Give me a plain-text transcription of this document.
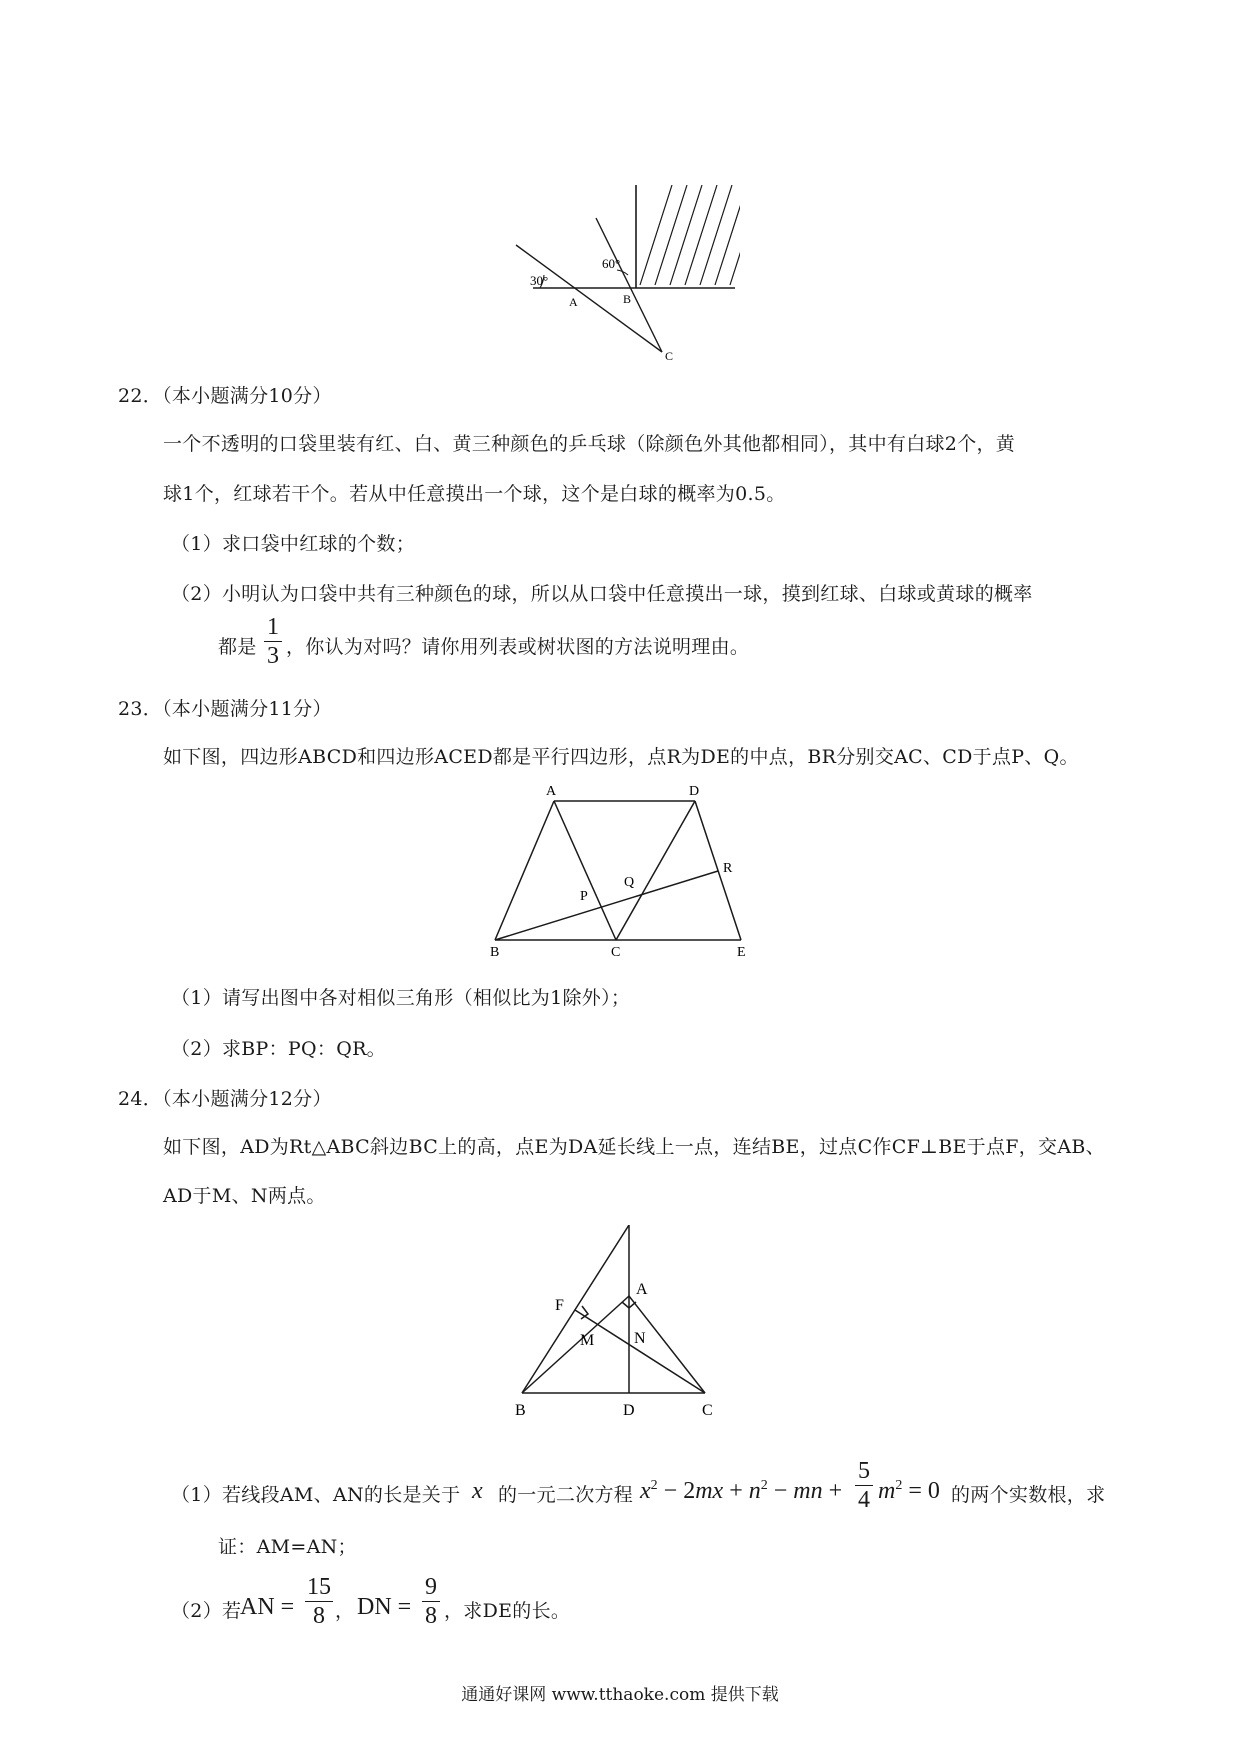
30°
60°
A	B
C
22．（本小题满分10分）
一个不透明的口袋里装有红、白、黄三种颜色的乒乓球（除颜色外其他都相同），其中有白球2个，黄
球1个，红球若干个。若从中任意摸出一个球，这个是白球的概率为0.5。
（1）求口袋中红球的个数；
（2）小明认为口袋中共有三种颜色的球，所以从口袋中任意摸出一球，摸到红球、白球或黄球的概率
都是
1
3 ，你认为对吗？请你用列表或树状图的方法说明理由。
23．（本小题满分11分）
如下图，四边形ABCD和四边形ACED都是平行四边形，点R为DE的中点，BR分别交AC、CD于点P、Q。
A	D
R
Q
P
B	C	E
（1）请写出图中各对相似三角形（相似比为1除外）；
（2）求BP：PQ：QR。
24．（本小题满分12分）
如下图，AD为Rt△ABC斜边BC上的高，点E为DA延长线上一点，连结BE，过点C作CF⊥BE于点F，交AB、
AD于M、N两点。
A
F
M N
B	D	C
（1）若线段AM、AN的长是关于 x 的一元二次方程 $x^2 - 2mx + n^2$ − mn +
5
4 $m^2 = 0$ 的两个实数根，求
证：AM=AN；
（2）若
AN =
15
8 ， DN =
9
8 ，求DE的长。
通通好课网 www.tthaoke.com 提供下载
